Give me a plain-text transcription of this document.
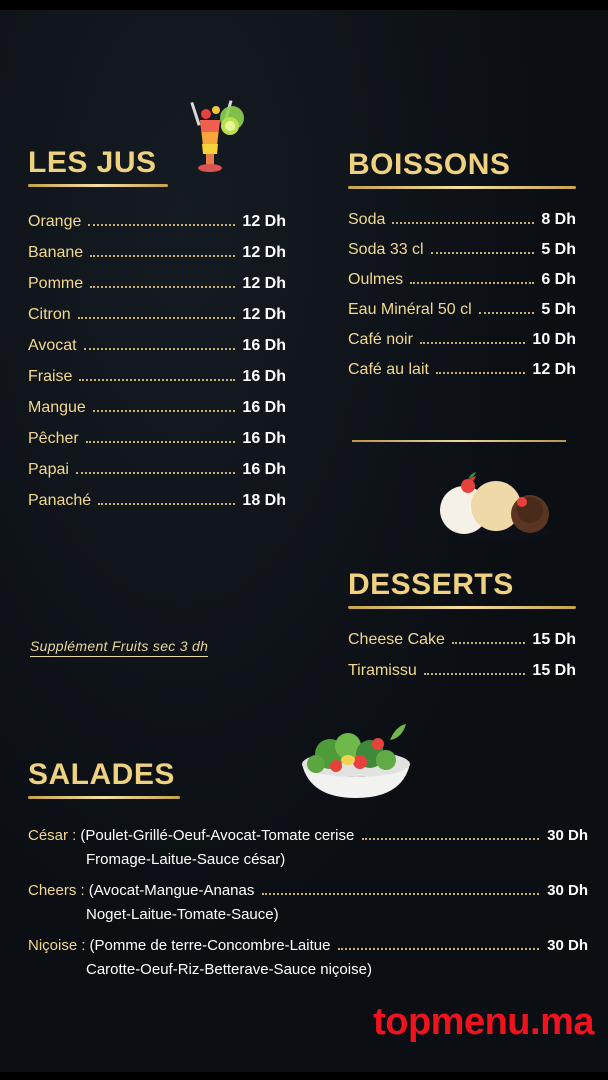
LES JUS
Orange	12 Dh
Banane	12 Dh
Pomme	12 Dh
Citron	12 Dh
Avocat	16 Dh
Fraise	16 Dh
Mangue	16 Dh
Pêcher	16 Dh
Papai	16 Dh
Panaché	18 Dh
Supplément Fruits sec 3 dh
BOISSONS
Soda	8 Dh
Soda 33 cl	5 Dh
Oulmes	6 Dh
Eau Minéral 50 cl	5 Dh
Café noir	10 Dh
Café au lait	12 Dh
DESSERTS
Cheese Cake	15 Dh
Tiramissu	15 Dh
SALADES
César : (Poulet-Grillé-Oeuf-Avocat-Tomate cerise	30 Dh
Fromage-Laitue-Sauce césar)
Cheers : (Avocat-Mangue-Ananas	30 Dh
Noget-Laitue-Tomate-Sauce)
Niçoise : (Pomme de terre-Concombre-Laitue	30 Dh
Carotte-Oeuf-Riz-Betterave-Sauce niçoise)
topmenu.ma
